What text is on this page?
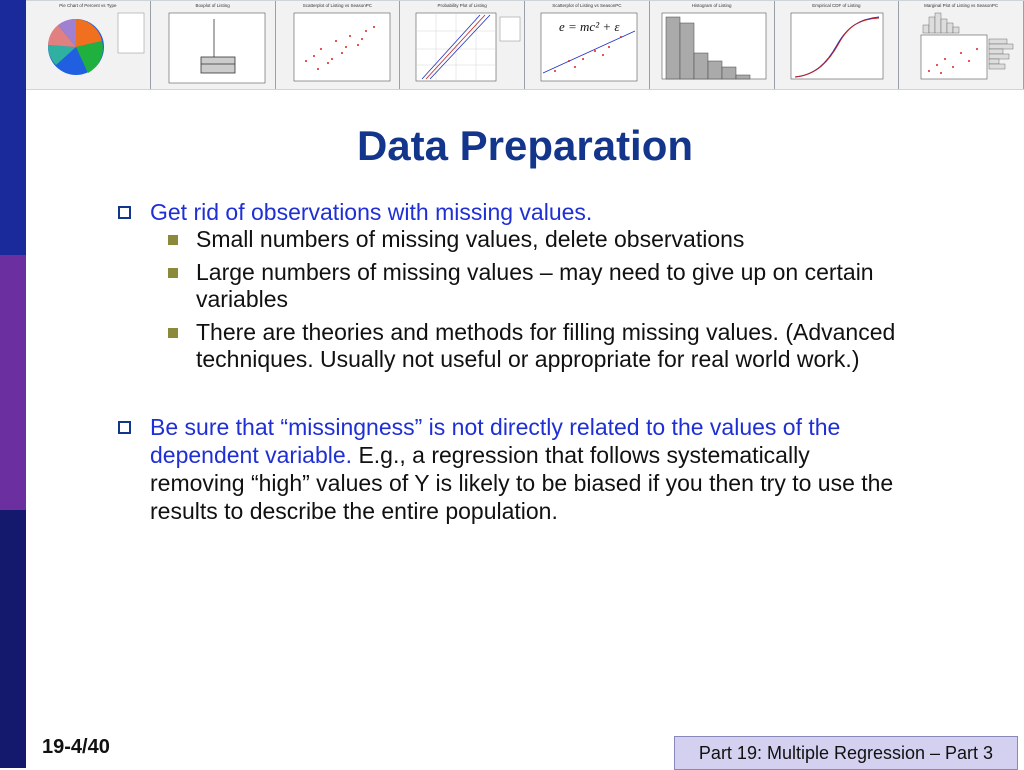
Pie Chart of Percent vs Type	Boxplot of Listing	Scatterplot of Listing vs SeasonPC	Probability Plot of Listing	Scatterplot of Listing vs SeasonPC
e = mc² + ε
Histogram of Listing	Empirical CDF of Listing	Marginal Plot of Listing vs SeasonPC
Data Preparation
Get rid of observations with missing values.
Small numbers of missing values, delete observations
Large numbers of missing values – may need to give up on certain variables
There are theories and methods for filling missing values. (Advanced techniques. Usually not useful or appropriate for real world work.)
Be sure that “missingness” is not directly related to the values of the dependent variable. E.g., a regression that follows systematically removing “high” values of Y is likely to be biased if you then try to use the results to describe the entire population.
19-4/40	Part 19: Multiple Regression – Part 3
